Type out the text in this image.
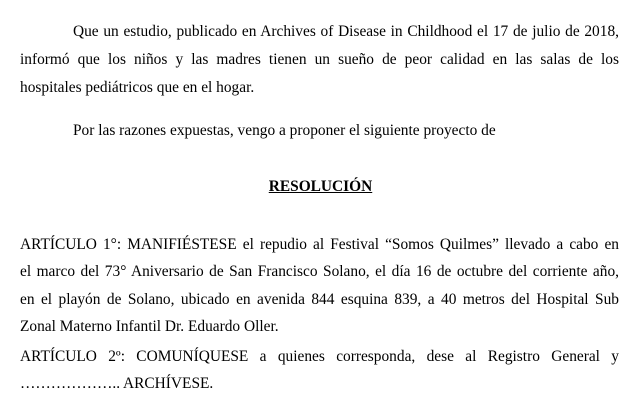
Que un estudio, publicado en Archives of Disease in Childhood el 17 de julio de 2018,
informó que los niños y las madres tienen un sueño de peor calidad en las salas de los
hospitales pediátricos que en el hogar.
Por las razones expuestas, vengo a proponer el siguiente proyecto de
RESOLUCIÓN
ARTÍCULO 1°: MANIFIÉSTESE el repudio al Festival “Somos Quilmes” llevado a cabo en
el marco del 73° Aniversario de San Francisco Solano, el día 16 de octubre del corriente año,
en el playón de Solano, ubicado en avenida 844 esquina 839, a 40 metros del Hospital Sub
Zonal Materno Infantil Dr. Eduardo Oller.
ARTÍCULO 2º: COMUNÍQUESE a quienes corresponda, dese al Registro General y
……………….. ARCHÍVESE.
